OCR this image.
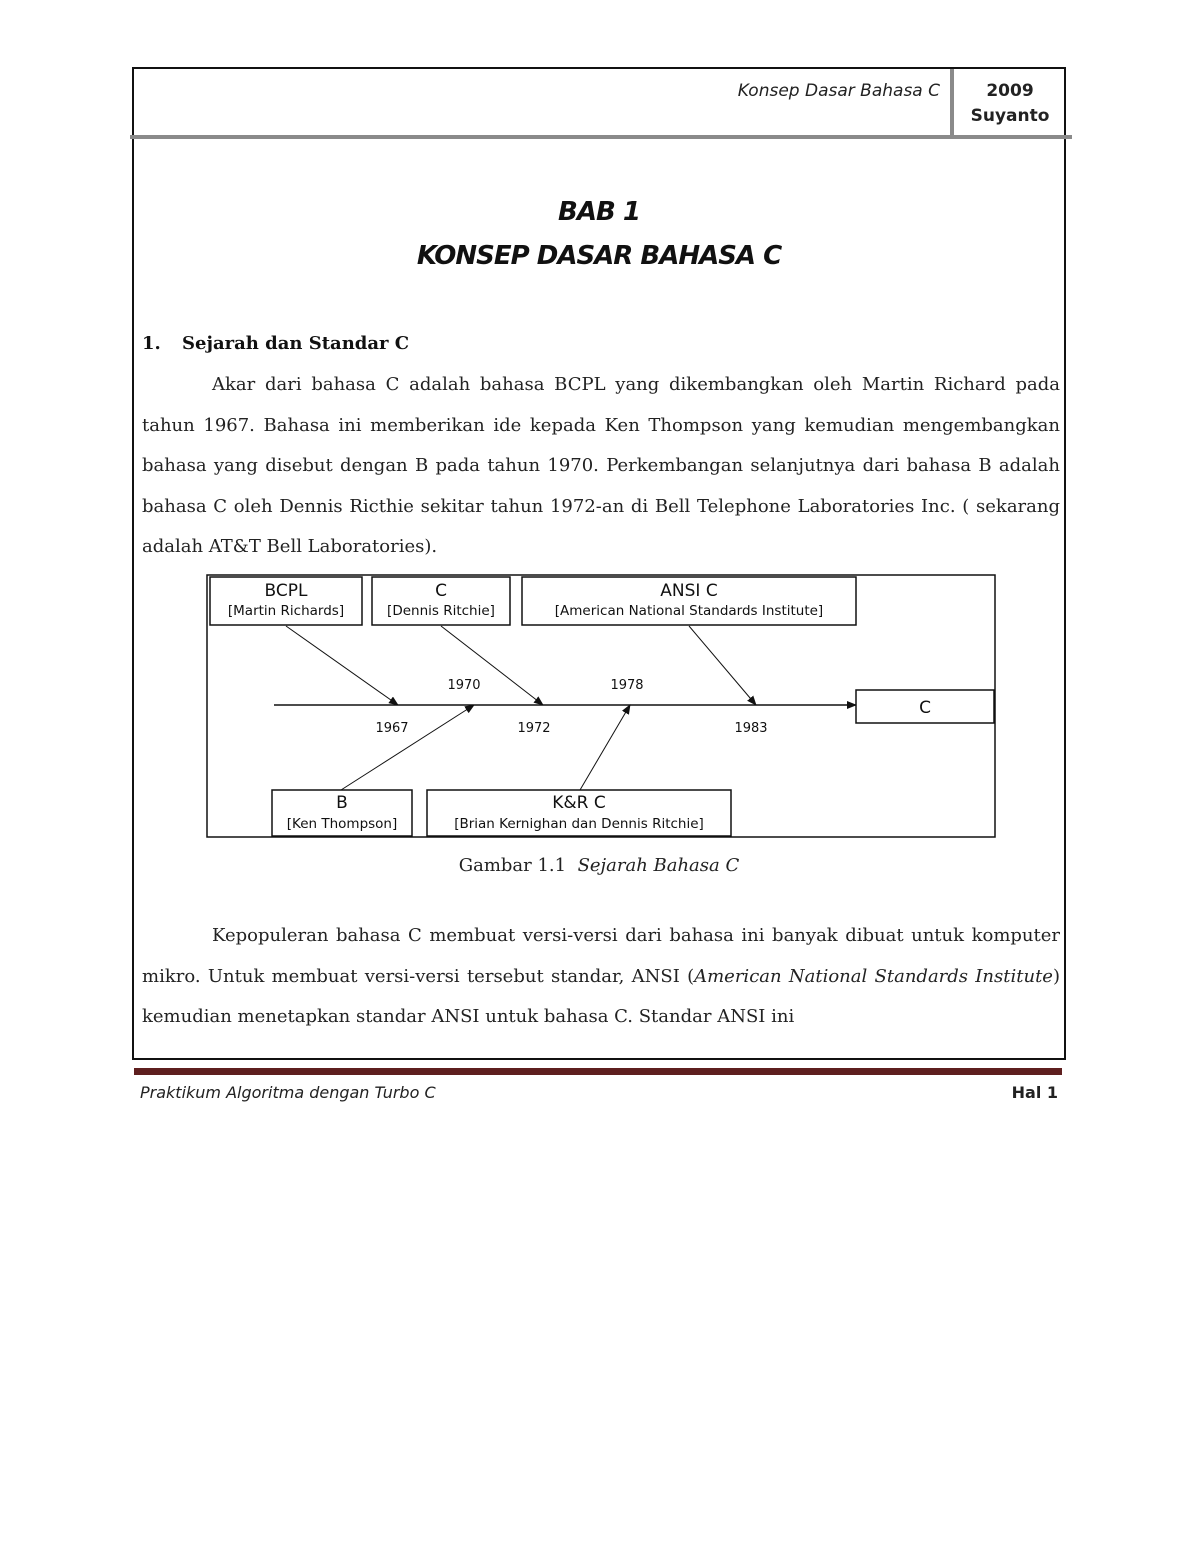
Konsep Dasar Bahasa C	2009
Suyanto
BAB 1
KONSEP DASAR BAHASA C
1. Sejarah dan Standar C
Akar dari bahasa C adalah bahasa BCPL yang dikembangkan oleh Martin Richard pada tahun 1967. Bahasa ini memberikan ide kepada Ken Thompson yang kemudian mengembangkan bahasa yang disebut dengan B pada tahun 1970. Perkembangan selanjutnya dari bahasa B adalah bahasa C oleh Dennis Ricthie sekitar tahun 1972-an di Bell Telephone Laboratories Inc. ( sekarang adalah AT&T Bell Laboratories).
BCPL
[Martin Richards]
C
[Dennis Ritchie]
ANSI C
[American National Standards Institute]
C
1970	1978
1967	1972	1983
B
[Ken Thompson]
K&R C
[Brian Kernighan dan Dennis Ritchie]
Gambar 1.1 Sejarah Bahasa C
Kepopuleran bahasa C membuat versi-versi dari bahasa ini banyak dibuat untuk komputer mikro. Untuk membuat versi-versi tersebut standar, ANSI (American National Standards Institute) kemudian menetapkan standar ANSI untuk bahasa C. Standar ANSI ini
Praktikum Algoritma dengan Turbo C	Hal 1
